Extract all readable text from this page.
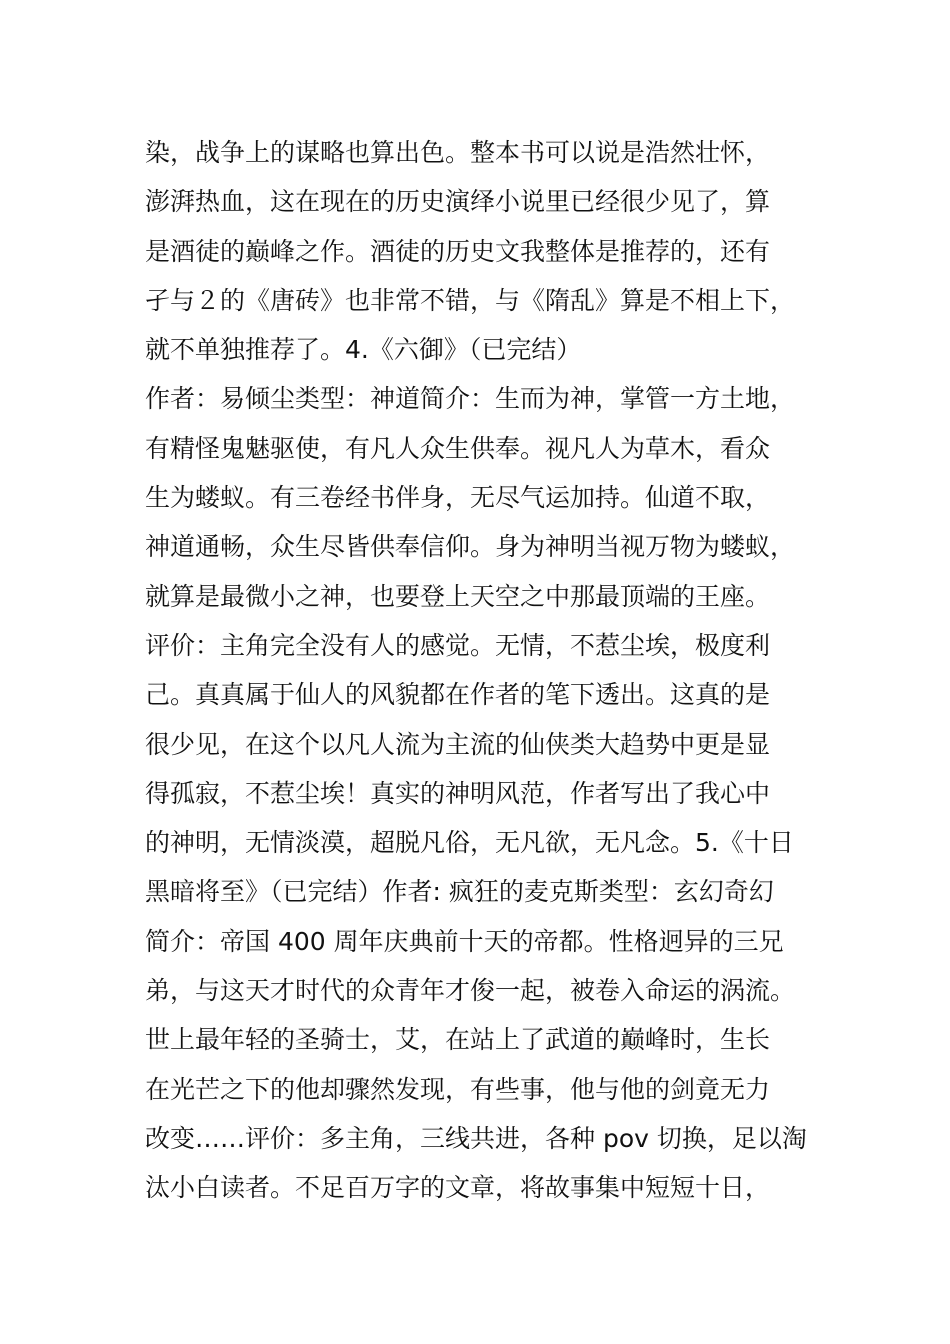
染，战争上的谋略也算出色。整本书可以说是浩然壮怀，
澎湃热血，这在现在的历史演绎小说里已经很少见了，算
是酒徒的巅峰之作。酒徒的历史文我整体是推荐的，还有
孑与２的《唐砖》也非常不错，与《隋乱》算是不相上下，
就不单独推荐了。4.《六御》（已完结）
作者：易倾尘类型：神道简介：生而为神，掌管一方土地，
有精怪鬼魅驱使，有凡人众生供奉。视凡人为草木，看众
生为蝼蚁。有三卷经书伴身，无尽气运加持。仙道不取，
神道通畅，众生尽皆供奉信仰。身为神明当视万物为蝼蚁，
就算是最微小之神，也要登上天空之中那最顶端的王座。
评价：主角完全没有人的感觉。无情，不惹尘埃，极度利
己。真真属于仙人的风貌都在作者的笔下透出。这真的是
很少见，在这个以凡人流为主流的仙侠类大趋势中更是显
得孤寂，不惹尘埃！真实的神明风范，作者写出了我心中
的神明，无情淡漠，超脱凡俗，无凡欲，无凡念。5.《十日
黑暗将至》（已完结）作者: 疯狂的麦克斯类型：玄幻奇幻
简介：帝国 400 周年庆典前十天的帝都。性格迥异的三兄
弟，与这天才时代的众青年才俊一起，被卷入命运的涡流。
世上最年轻的圣骑士，艾，在站上了武道的巅峰时，生长
在光芒之下的他却骤然发现，有些事，他与他的剑竟无力
改变……评价：多主角，三线共进，各种 pov 切换，足以淘
汰小白读者。不足百万字的文章，将故事集中短短十日，
